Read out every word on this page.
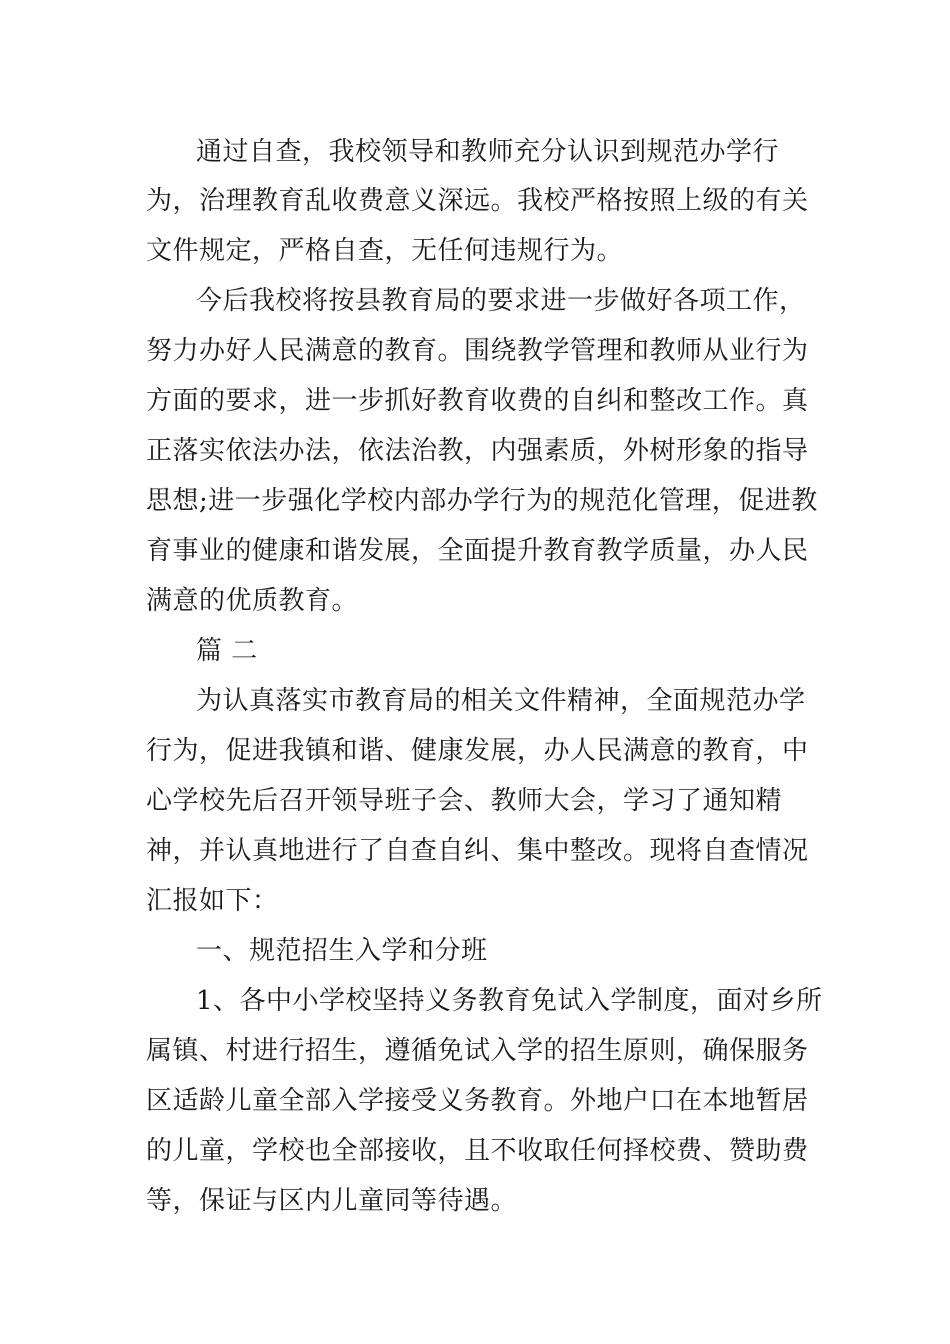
通过自查，我校领导和教师充分认识到规范办学行
为，治理教育乱收费意义深远。我校严格按照上级的有关
文件规定，严格自查，无任何违规行为。
今后我校将按县教育局的要求进一步做好各项工作，
努力办好人民满意的教育。围绕教学管理和教师从业行为
方面的要求，进一步抓好教育收费的自纠和整改工作。真
正落实依法办法，依法治教，内强素质，外树形象的指导
思想;进一步强化学校内部办学行为的规范化管理，促进教
育事业的健康和谐发展，全面提升教育教学质量，办人民
满意的优质教育。
篇 二
为认真落实市教育局的相关文件精神，全面规范办学
行为，促进我镇和谐、健康发展，办人民满意的教育，中
心学校先后召开领导班子会、教师大会，学习了通知精
神，并认真地进行了自查自纠、集中整改。现将自查情况
汇报如下：
一、规范招生入学和分班
1、各中小学校坚持义务教育免试入学制度，面对乡所
属镇、村进行招生，遵循免试入学的招生原则，确保服务
区适龄儿童全部入学接受义务教育。外地户口在本地暂居
的儿童，学校也全部接收，且不收取任何择校费、赞助费
等，保证与区内儿童同等待遇。
